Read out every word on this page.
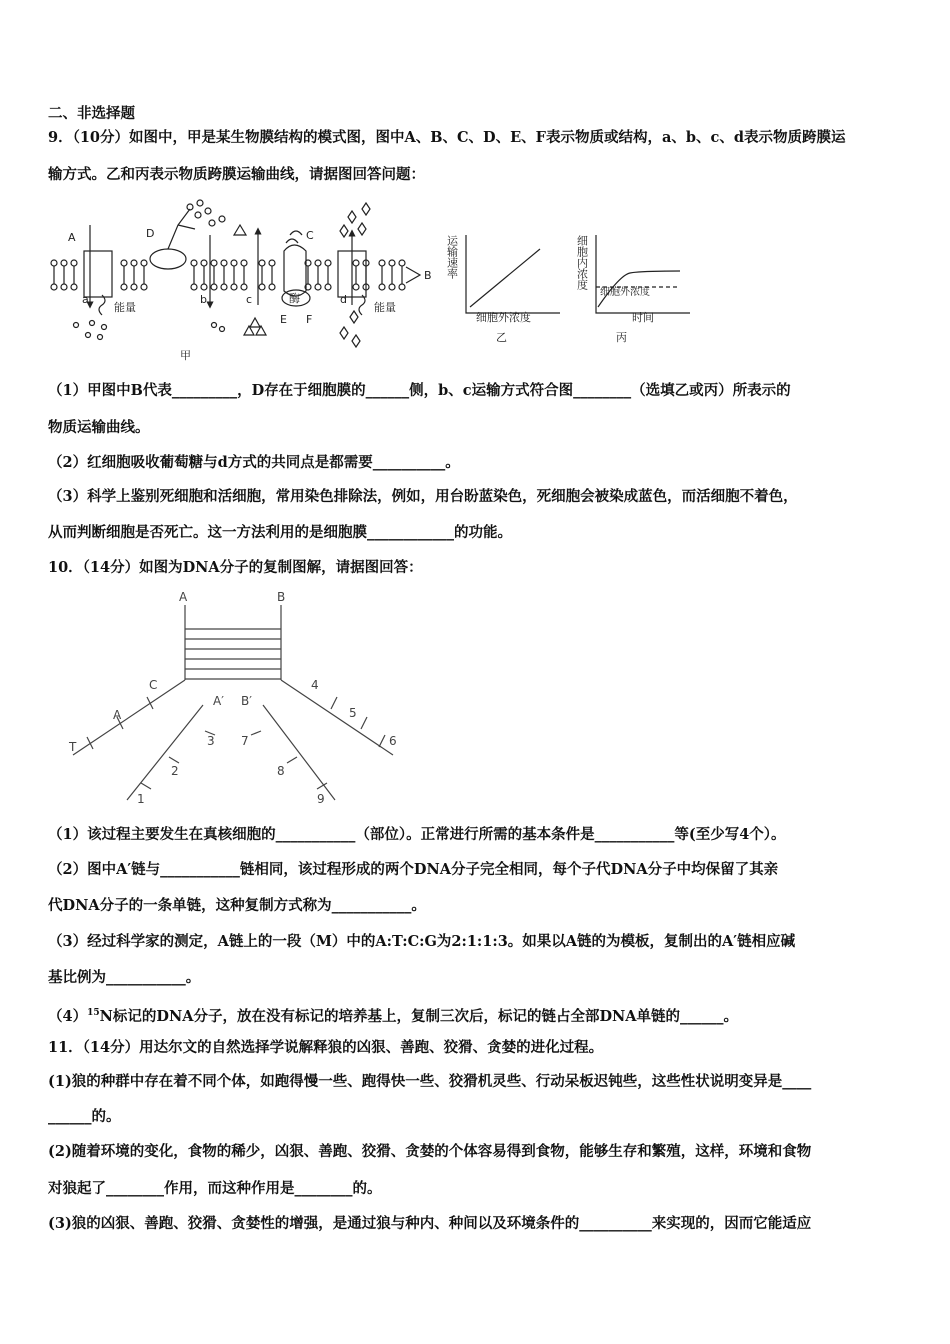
二、非选择题
9．（10分）如图中，甲是某生物膜结构的模式图，图中A、B、C、D、E、F表示物质或结构，a、b、c、d表示物质跨膜运
输方式。乙和丙表示物质跨膜运输曲线，请据图回答问题：
A	D	C
B
E F
a	b	c	d
能量	能量
酶
甲
细胞外浓度
乙
细胞外浓度
时间
丙
运输速率	细胞内浓度
（1）甲图中B代表_________，D存在于细胞膜的______侧，b、c运输方式符合图________（选填乙或丙）所表示的
物质运输曲线。
（2）红细胞吸收葡萄糖与d方式的共同点是都需要__________。
（3）科学上鉴别死细胞和活细胞，常用染色排除法，例如，用台盼蓝染色，死细胞会被染成蓝色，而活细胞不着色，
从而判断细胞是否死亡。这一方法利用的是细胞膜____________的功能。
10．（14分）如图为DNA分子的复制图解，请据图回答：
A	B
C
A′ B′
A
T	3
2
1
4
5
6
7
8
9
（1）该过程主要发生在真核细胞的___________（部位）。正常进行所需的基本条件是___________等(至少写4个）。
（2）图中A′链与___________链相同，该过程形成的两个DNA分子完全相同，每个子代DNA分子中均保留了其亲
代DNA分子的一条单链，这种复制方式称为___________。
（3）经过科学家的测定，A链上的一段（M）中的A:T:C:G为2:1:1:3。如果以A链的为模板，复制出的A′链相应碱
基比例为___________。
$(4)^{15}N$标记的DNA分子，放在没有标记的培养基上，复制三次后，标记的链占全部DNA单链的______。
11．（14分）用达尔文的自然选择学说解释狼的凶狠、善跑、狡猾、贪婪的进化过程。
(1)狼的种群中存在着不同个体，如跑得慢一些、跑得快一些、狡猾机灵些、行动呆板迟钝些，这些性状说明变异是____
______的。
(2)随着环境的变化，食物的稀少，凶狠、善跑、狡猾、贪婪的个体容易得到食物，能够生存和繁殖，这样，环境和食物
对狼起了________作用，而这种作用是________的。
(3)狼的凶狠、善跑、狡猾、贪婪性的增强，是通过狼与种内、种间以及环境条件的__________来实现的，因而它能适应
